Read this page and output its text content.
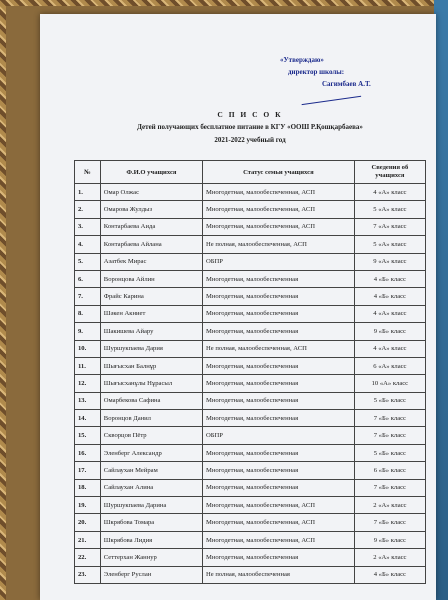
«Утверждаю»
директор школы:
Сагимбаев А.Т.
С П И С О К
Детей получающих бесплатное питание в КГУ «ООШ Р.Қошқарбаева»
2021-2022 учебный год
№	Ф.И.О учащихся	Статус семьи учащихся	Сведения об учащихся
1.	Омар Олжас	Многодетная, малообеспеченная, АСП	4 «А» класс
2.	Омарова Жулдыз	Многодетная, малообеспеченная, АСП	5 «А» класс
3.	Контарбаева Аида	Многодетная, малообеспеченная, АСП	7 «А» класс
4.	Контарбаева Айлана	Не полная, малообеспеченная, АСП	5 «А» класс
5.	Азатбек Мирас	ОБПР	9 «А» класс
6.	Воронцова Айлин	Многодетная, малообеспеченная	4 «Б» класс
7.	Фрайс Карина	Многодетная, малообеспеченная	4 «Б» класс
8.	Шәкен Акниет	Многодетная, малообеспеченная	4 «А» класс
9.	Шакишева Айару	Многодетная, малообеспеченная	9 «Б» класс
10.	Шуршукпаева Дария	Не полная, малообеспеченная, АСП	4 «А» класс
11.	Шығысхан Балнұр	Многодетная, малообеспеченная	6 «А» класс
12.	Шығысханұлы Нұрасыл	Многодетная, малообеспеченная	10 «А» класс
13.	Омарбекова Сафина	Многодетная, малообеспеченная	5 «Б» класс
14.	Воронцов Данил	Многодетная, малообеспеченная	7 «Б» класс
15.	Скворцов Пётр	ОБПР	7 «Б» класс
16.	Эленберг Александр	Многодетная, малообеспеченная	5 «Б» класс
17.	Сайлаухан Мейрам	Многодетная, малообеспеченная	6 «Б» класс
18.	Сайлаухан Алина	Многодетная, малообеспеченная	7 «Б» класс
19.	Шуршукпаева Дарина	Многодетная, малообеспеченная, АСП	2 «А» класс
20.	Шкрябова Томара	Многодетная, малообеспеченная, АСП	7 «Б» класс
21.	Шкрябова Лидия	Многодетная, малообеспеченная, АСП	9 «Б» класс
22.	Сеттерхан Жаннур	Многодетная, малообеспеченная	2 «А» класс
23.	Эленберг Руслан	Не полная, малообеспеченная	4 «Б» класс
